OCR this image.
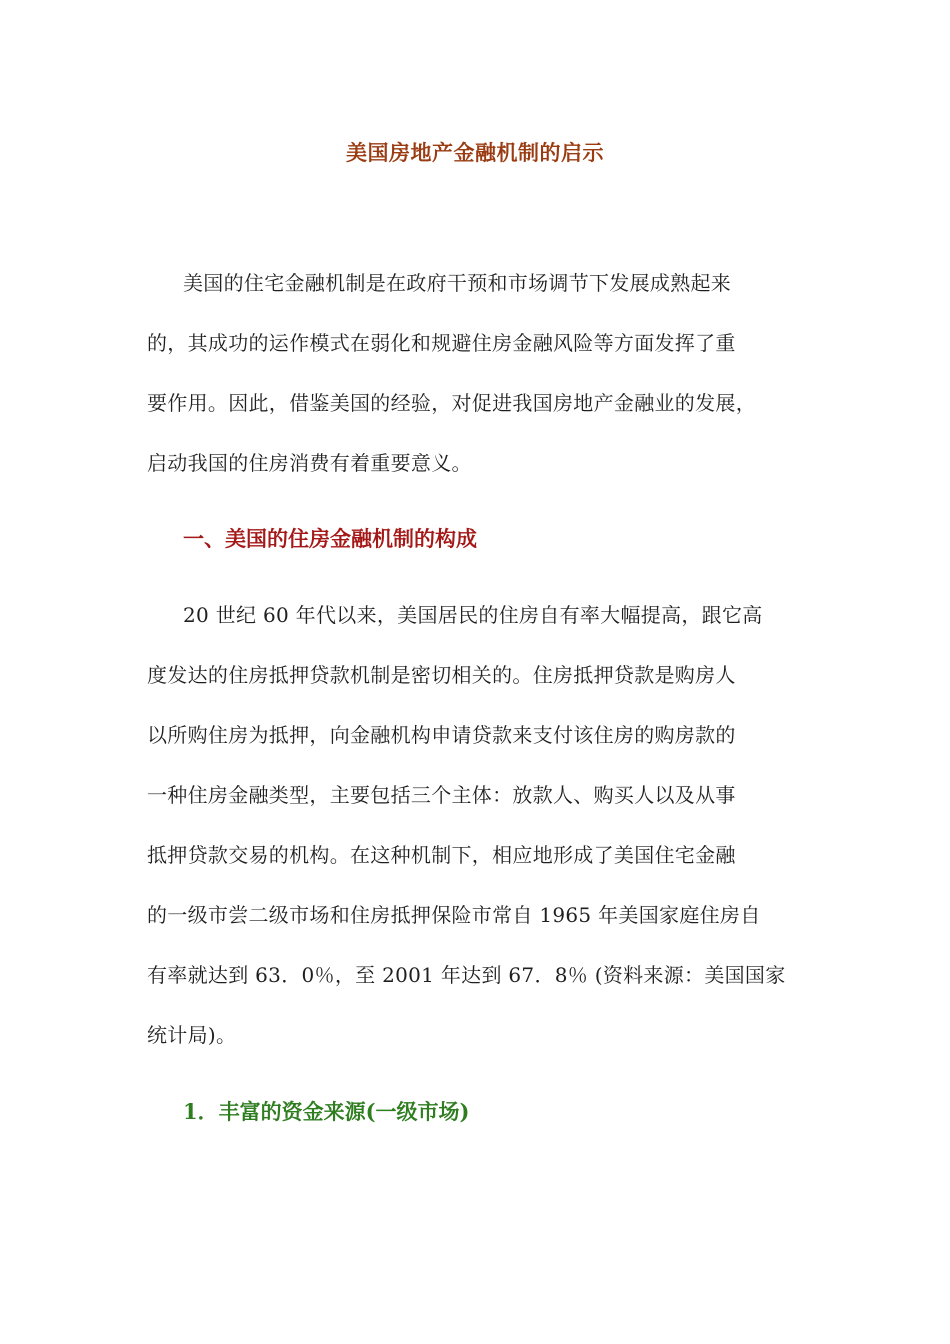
美国房地产金融机制的启示
美国的住宅金融机制是在政府干预和市场调节下发展成熟起来
的，其成功的运作模式在弱化和规避住房金融风险等方面发挥了重
要作用。因此，借鉴美国的经验，对促进我国房地产金融业的发展，
启动我国的住房消费有着重要意义。
一、美国的住房金融机制的构成
20 世纪 60 年代以来，美国居民的住房自有率大幅提高，跟它高
度发达的住房抵押贷款机制是密切相关的。住房抵押贷款是购房人
以所购住房为抵押，向金融机构申请贷款来支付该住房的购房款的
一种住房金融类型，主要包括三个主体：放款人、购买人以及从事
抵押贷款交易的机构。在这种机制下，相应地形成了美国住宅金融
的一级市尝二级市场和住房抵押保险市常自 1965 年美国家庭住房自
有率就达到 63．0％，至 2001 年达到 67．8％ (资料来源：美国国家
统计局)。
1．丰富的资金来源(一级市场)
